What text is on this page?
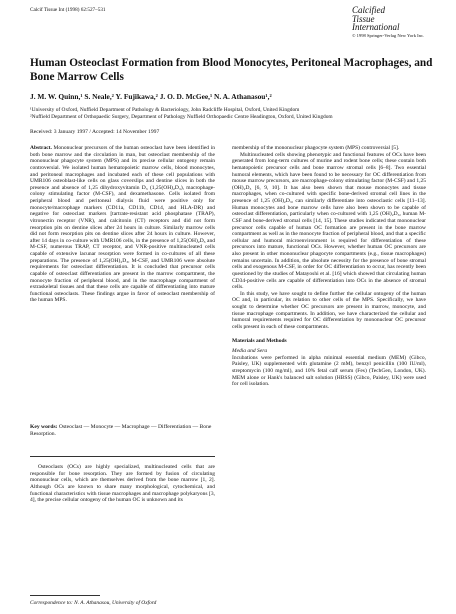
Calcif Tissue Int (1998) 62:527–531	Calcified
Tissue
International
© 1998 Springer-Verlag New York Inc.
Human Osteoclast Formation from Blood Monocytes, Peritoneal Macrophages, and Bone Marrow Cells
J. M. W. Quinn,¹ S. Neale,² Y. Fujikawa,² J. O. D. McGee,¹ N. A. Athanasou¹,²
¹University of Oxford, Nuffield Department of Pathology & Bacteriology, John Radcliffe Hospital, Oxford, United Kingdom
²Nuffield Department of Orthopaedic Surgery, Department of Pathology Nuffield Orthopaedic Centre Headington, Oxford, United Kingdom
Received: 3 January 1997 / Accepted: 14 November 1997

Abstract. Mononuclear precursors of the human osteoclast have been identified in both bone marrow and the circulation in man, but osteoclast membership of the mononuclear phagocyte system (MPS) and its precise cellular ontogeny remain controversial. We isolated human hematopoietic marrow cells, blood monocytes, and peritoneal macrophages and incubated each of these cell populations with UMR106 osteoblast-like cells on glass coverslips and dentine slices in both the presence and absence of 1,25 dihydroxyvitamin D₃ (1,25(OH)₂D₃), macrophage-colony stimulating factor (M-CSF), and dexamethasone. Cells isolated from peripheral blood and peritoneal dialysis fluid were positive only for monocyte/macrophage markers (CD11a, CD11b, CD14, and HLA-DR) and negative for osteoclast markers [tartrate-resistant acid phosphatase (TRAP), vitronectin receptor (VNR), and calcitonin (CT) receptors and did not form resorption pits on dentine slices after 24 hours in culture. Similarly marrow cells did not form resorption pits on dentine slices after 24 hours in culture. However, after 14 days in co-culture with UMR106 cells, in the presence of 1,25(OH)₂D₃ and M-CSF, numerous TRAP, CT receptor, and VNR-positive multinucleated cells capable of extensive lacunar resorption were formed in co-cultures of all these preparations. The presence of 1,25(OH)₂D₃, M-CSF, and UMR106 were absolute requirements for osteoclast differentiation. It is concluded that precursor cells capable of osteoclast differentiation are present in the marrow compartment, the monocyte fraction of peripheral blood, and in the macrophage compartment of extraskeletal tissues and that these cells are capable of differentiating into mature functional osteoclasts. These findings argue in favor of osteoclast membership of the human MPS.

Key words: Osteoclast — Monocyte — Macrophage — Differentiation — Bone Resorption.

Osteoclasts (OCs) are highly specialized, multinucleated cells that are responsible for bone resorption. They are formed by fusion of circulating mononuclear cells, which are themselves derived from the bone marrow [1, 2]. Although OCs are known to share many morphological, cytochemical, and functional characteristics with tissue macrophages and macrophage polykaryons [3, 4], the precise cellular ontogeny of the human OC is unknown and its

Correspondence to: N. A. Athanasou, University of Oxford

membership of the mononuclear phagocyte system (MPS) controversial [5].

Multinucleated cells showing phenotypic and functional features of OCs have been generated from long-term cultures of murine and rodent bone cells; these contain both hematopoietic precursor cells and bone marrow stromal cells [6–8]. Two essential humoral elements, which have been found to be necessary for OC differentiation from mouse marrow precursors, are macrophage-colony stimulating factor (M-CSF) and 1,25 (OH)₂D₃ [6, 9, 10]. It has also been shown that mouse monocytes and tissue macrophages, when co-cultured with specific bone-derived stromal cell lines in the presence of 1,25 (OH)₂D₃, can similarly differentiate into osteoclastic cells [11–13]. Human monocytes and bone marrow cells have also been shown to be capable of osteoclast differentiation, particularly when co-cultured with 1,25 (OH)₂D₃, human M-CSF and bone-derived stromal cells [14, 15]. These studies indicated that mononuclear precursor cells capable of human OC formation are present in the bone marrow compartment as well as in the monocyte fraction of peripheral blood, and that a specific cellular and humoral microenvironment is required for differentiation of these precursors into mature, functional OCs. However, whether human OC precursors are also present in other mononuclear phagocyte compartments (e.g., tissue macrophages) remains uncertain. In addition, the absolute necessity for the presence of bone stromal cells and exogenous M-CSF, in order for OC differentiation to occur, has recently been questioned by the studies of Matayoshi et al. [16] which showed that circulating human CD34-positive cells are capable of differentiation into OCs in the absence of stromal cells.

In this study, we have sought to define further the cellular ontogeny of the human OC and, in particular, its relation to other cells of the MPS. Specifically, we have sought to determine whether OC precursors are present in marrow, monocyte, and tissue macrophage compartments. In addition, we have characterized the cellular and humoral requirements required for OC differentiation by mononuclear OC precursor cells present in each of these compartments.

Materials and Methods

Media and Sera

Incubations were performed in alpha minimal essential medium (MEM) (Gibco, Paisley, UK) supplemented with glutamine (2 mM), benzyl penicillin (100 IU/ml), streptomycin (100 mg/ml), and 10% fetal calf serum (Fes) (TechGen, London, UK). MEM alone or Hank's balanced salt solution (HBSS) (Gibco, Paisley, UK) were used for cell isolation.
